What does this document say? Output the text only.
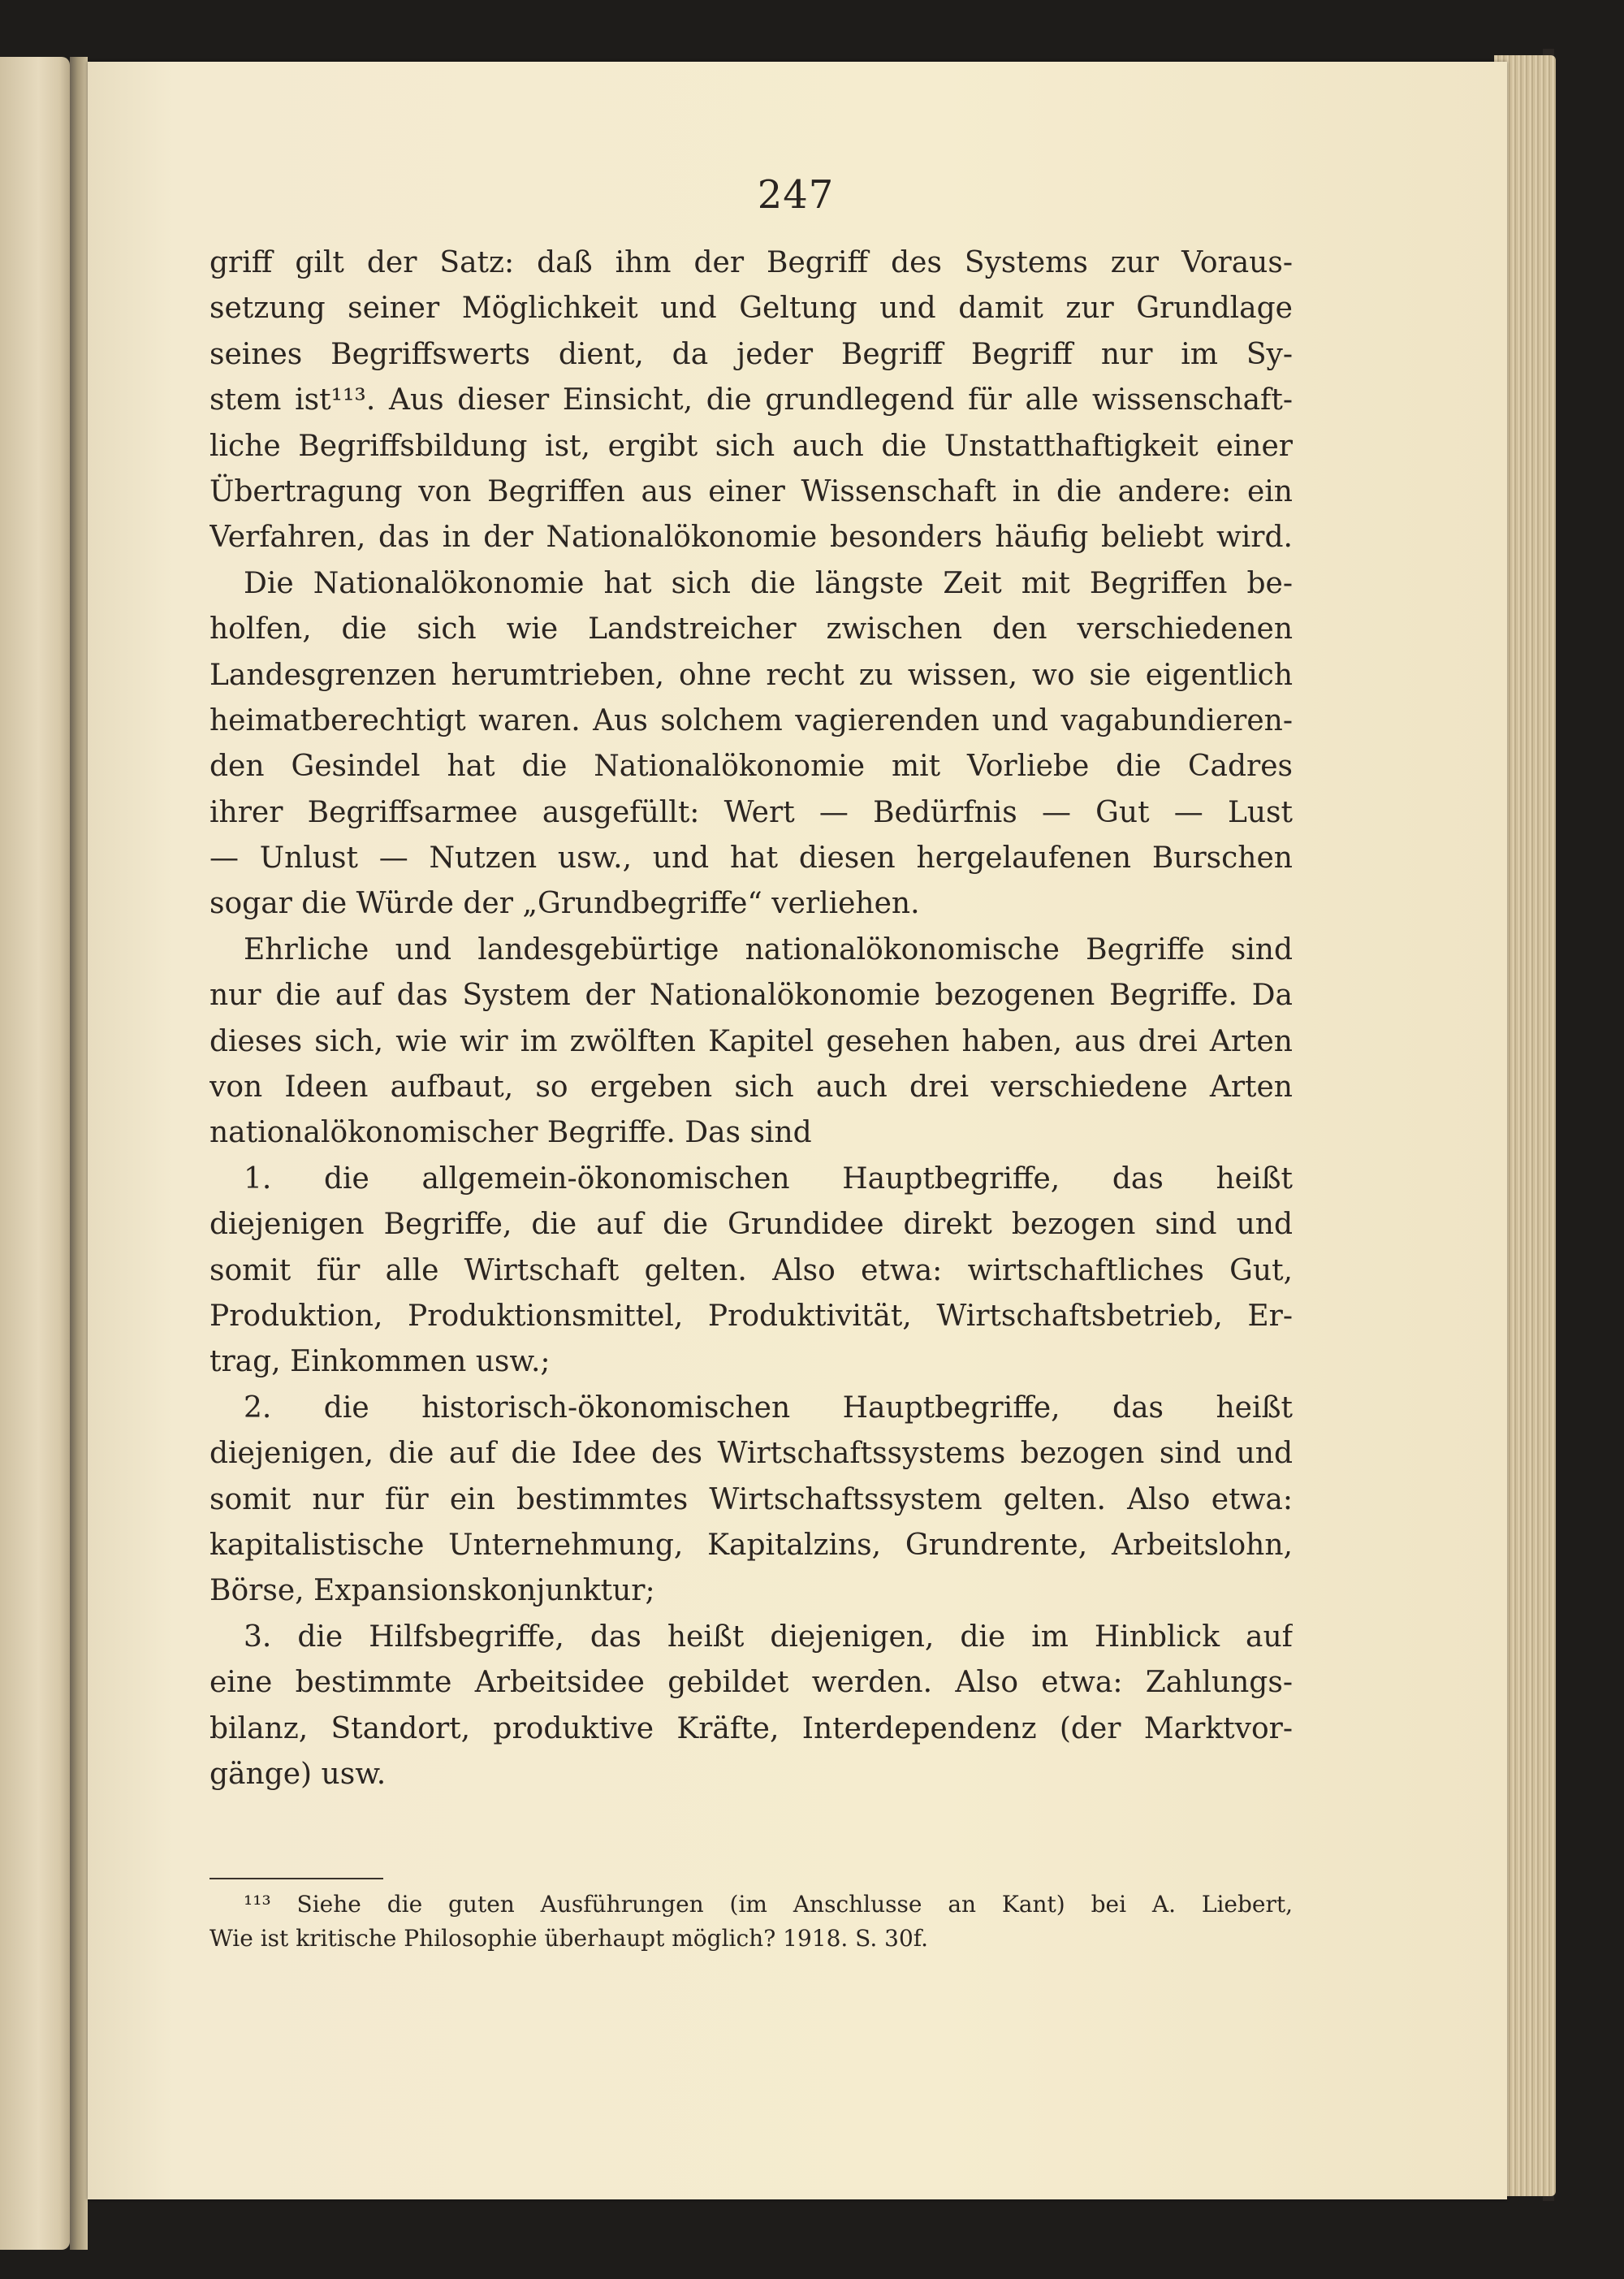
247
griff gilt der Satz: daß ihm der Begriff des Systems zur Voraus-
setzung seiner Möglichkeit und Geltung und damit zur Grundlage
seines Begriffswerts dient, da jeder Begriff Begriff nur im Sy-
stem ist¹¹³. Aus dieser Einsicht, die grundlegend für alle wissenschaft-
liche Begriffsbildung ist, ergibt sich auch die Unstatthaftigkeit einer
Übertragung von Begriffen aus einer Wissenschaft in die andere: ein
Verfahren, das in der Nationalökonomie besonders häufig beliebt wird.
Die Nationalökonomie hat sich die längste Zeit mit Begriffen be-
holfen, die sich wie Landstreicher zwischen den verschiedenen
Landesgrenzen herumtrieben, ohne recht zu wissen, wo sie eigentlich
heimatberechtigt waren. Aus solchem vagierenden und vagabundieren-
den Gesindel hat die Nationalökonomie mit Vorliebe die Cadres
ihrer Begriffsarmee ausgefüllt: Wert — Bedürfnis — Gut — Lust
— Unlust — Nutzen usw., und hat diesen hergelaufenen Burschen
sogar die Würde der „Grundbegriffe“ verliehen.
Ehrliche und landesgebürtige nationalökonomische Begriffe sind
nur die auf das System der Nationalökonomie bezogenen Begriffe. Da
dieses sich, wie wir im zwölften Kapitel gesehen haben, aus drei Arten
von Ideen aufbaut, so ergeben sich auch drei verschiedene Arten
nationalökonomischer Begriffe. Das sind
1. die allgemein-ökonomischen Hauptbegriffe, das heißt
diejenigen Begriffe, die auf die Grundidee direkt bezogen sind und
somit für alle Wirtschaft gelten. Also etwa: wirtschaftliches Gut,
Produktion, Produktionsmittel, Produktivität, Wirtschaftsbetrieb, Er-
trag, Einkommen usw.;
2. die historisch-ökonomischen Hauptbegriffe, das heißt
diejenigen, die auf die Idee des Wirtschaftssystems bezogen sind und
somit nur für ein bestimmtes Wirtschaftssystem gelten. Also etwa:
kapitalistische Unternehmung, Kapitalzins, Grundrente, Arbeitslohn,
Börse, Expansionskonjunktur;
3. die Hilfsbegriffe, das heißt diejenigen, die im Hinblick auf
eine bestimmte Arbeitsidee gebildet werden. Also etwa: Zahlungs-
bilanz, Standort, produktive Kräfte, Interdependenz (der Marktvor-
gänge) usw.
¹¹³ Siehe die guten Ausführungen (im Anschlusse an Kant) bei A. Liebert,
Wie ist kritische Philosophie überhaupt möglich? 1918. S. 30f.
